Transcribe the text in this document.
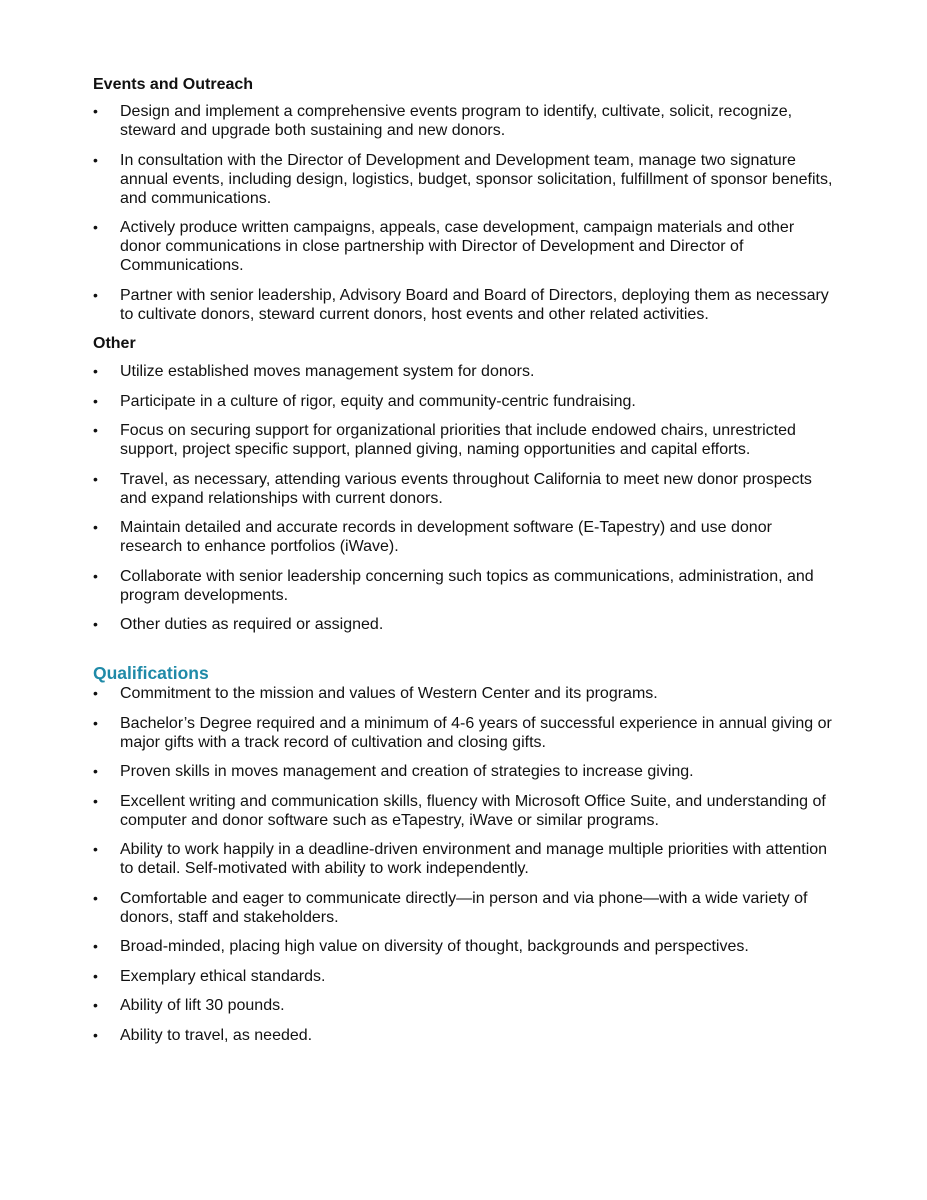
Events and Outreach
• Design and implement a comprehensive events program to identify, cultivate, solicit, recognize, steward and upgrade both sustaining and new donors.
• In consultation with the Director of Development and Development team, manage two signature annual events, including design, logistics, budget, sponsor solicitation, fulfillment of sponsor benefits, and communications.
• Actively produce written campaigns, appeals, case development, campaign materials and other donor communications in close partnership with Director of Development and Director of Communications.
• Partner with senior leadership, Advisory Board and Board of Directors, deploying them as necessary to cultivate donors, steward current donors, host events and other related activities.
Other
• Utilize established moves management system for donors.
• Participate in a culture of rigor, equity and community-centric fundraising.
• Focus on securing support for organizational priorities that include endowed chairs, unrestricted support, project specific support, planned giving, naming opportunities and capital efforts.
• Travel, as necessary, attending various events throughout California to meet new donor prospects and expand relationships with current donors.
• Maintain detailed and accurate records in development software (E-Tapestry) and use donor research to enhance portfolios (iWave).
• Collaborate with senior leadership concerning such topics as communications, administration, and program developments.
• Other duties as required or assigned.
Qualifications
• Commitment to the mission and values of Western Center and its programs.
• Bachelor’s Degree required and a minimum of 4-6 years of successful experience in annual giving or major gifts with a track record of cultivation and closing gifts.
• Proven skills in moves management and creation of strategies to increase giving.
• Excellent writing and communication skills, fluency with Microsoft Office Suite, and understanding of computer and donor software such as eTapestry, iWave or similar programs.
• Ability to work happily in a deadline-driven environment and manage multiple priorities with attention to detail. Self-motivated with ability to work independently.
• Comfortable and eager to communicate directly—in person and via phone—with a wide variety of donors, staff and stakeholders.
• Broad-minded, placing high value on diversity of thought, backgrounds and perspectives.
• Exemplary ethical standards.
• Ability of lift 30 pounds.
• Ability to travel, as needed.
